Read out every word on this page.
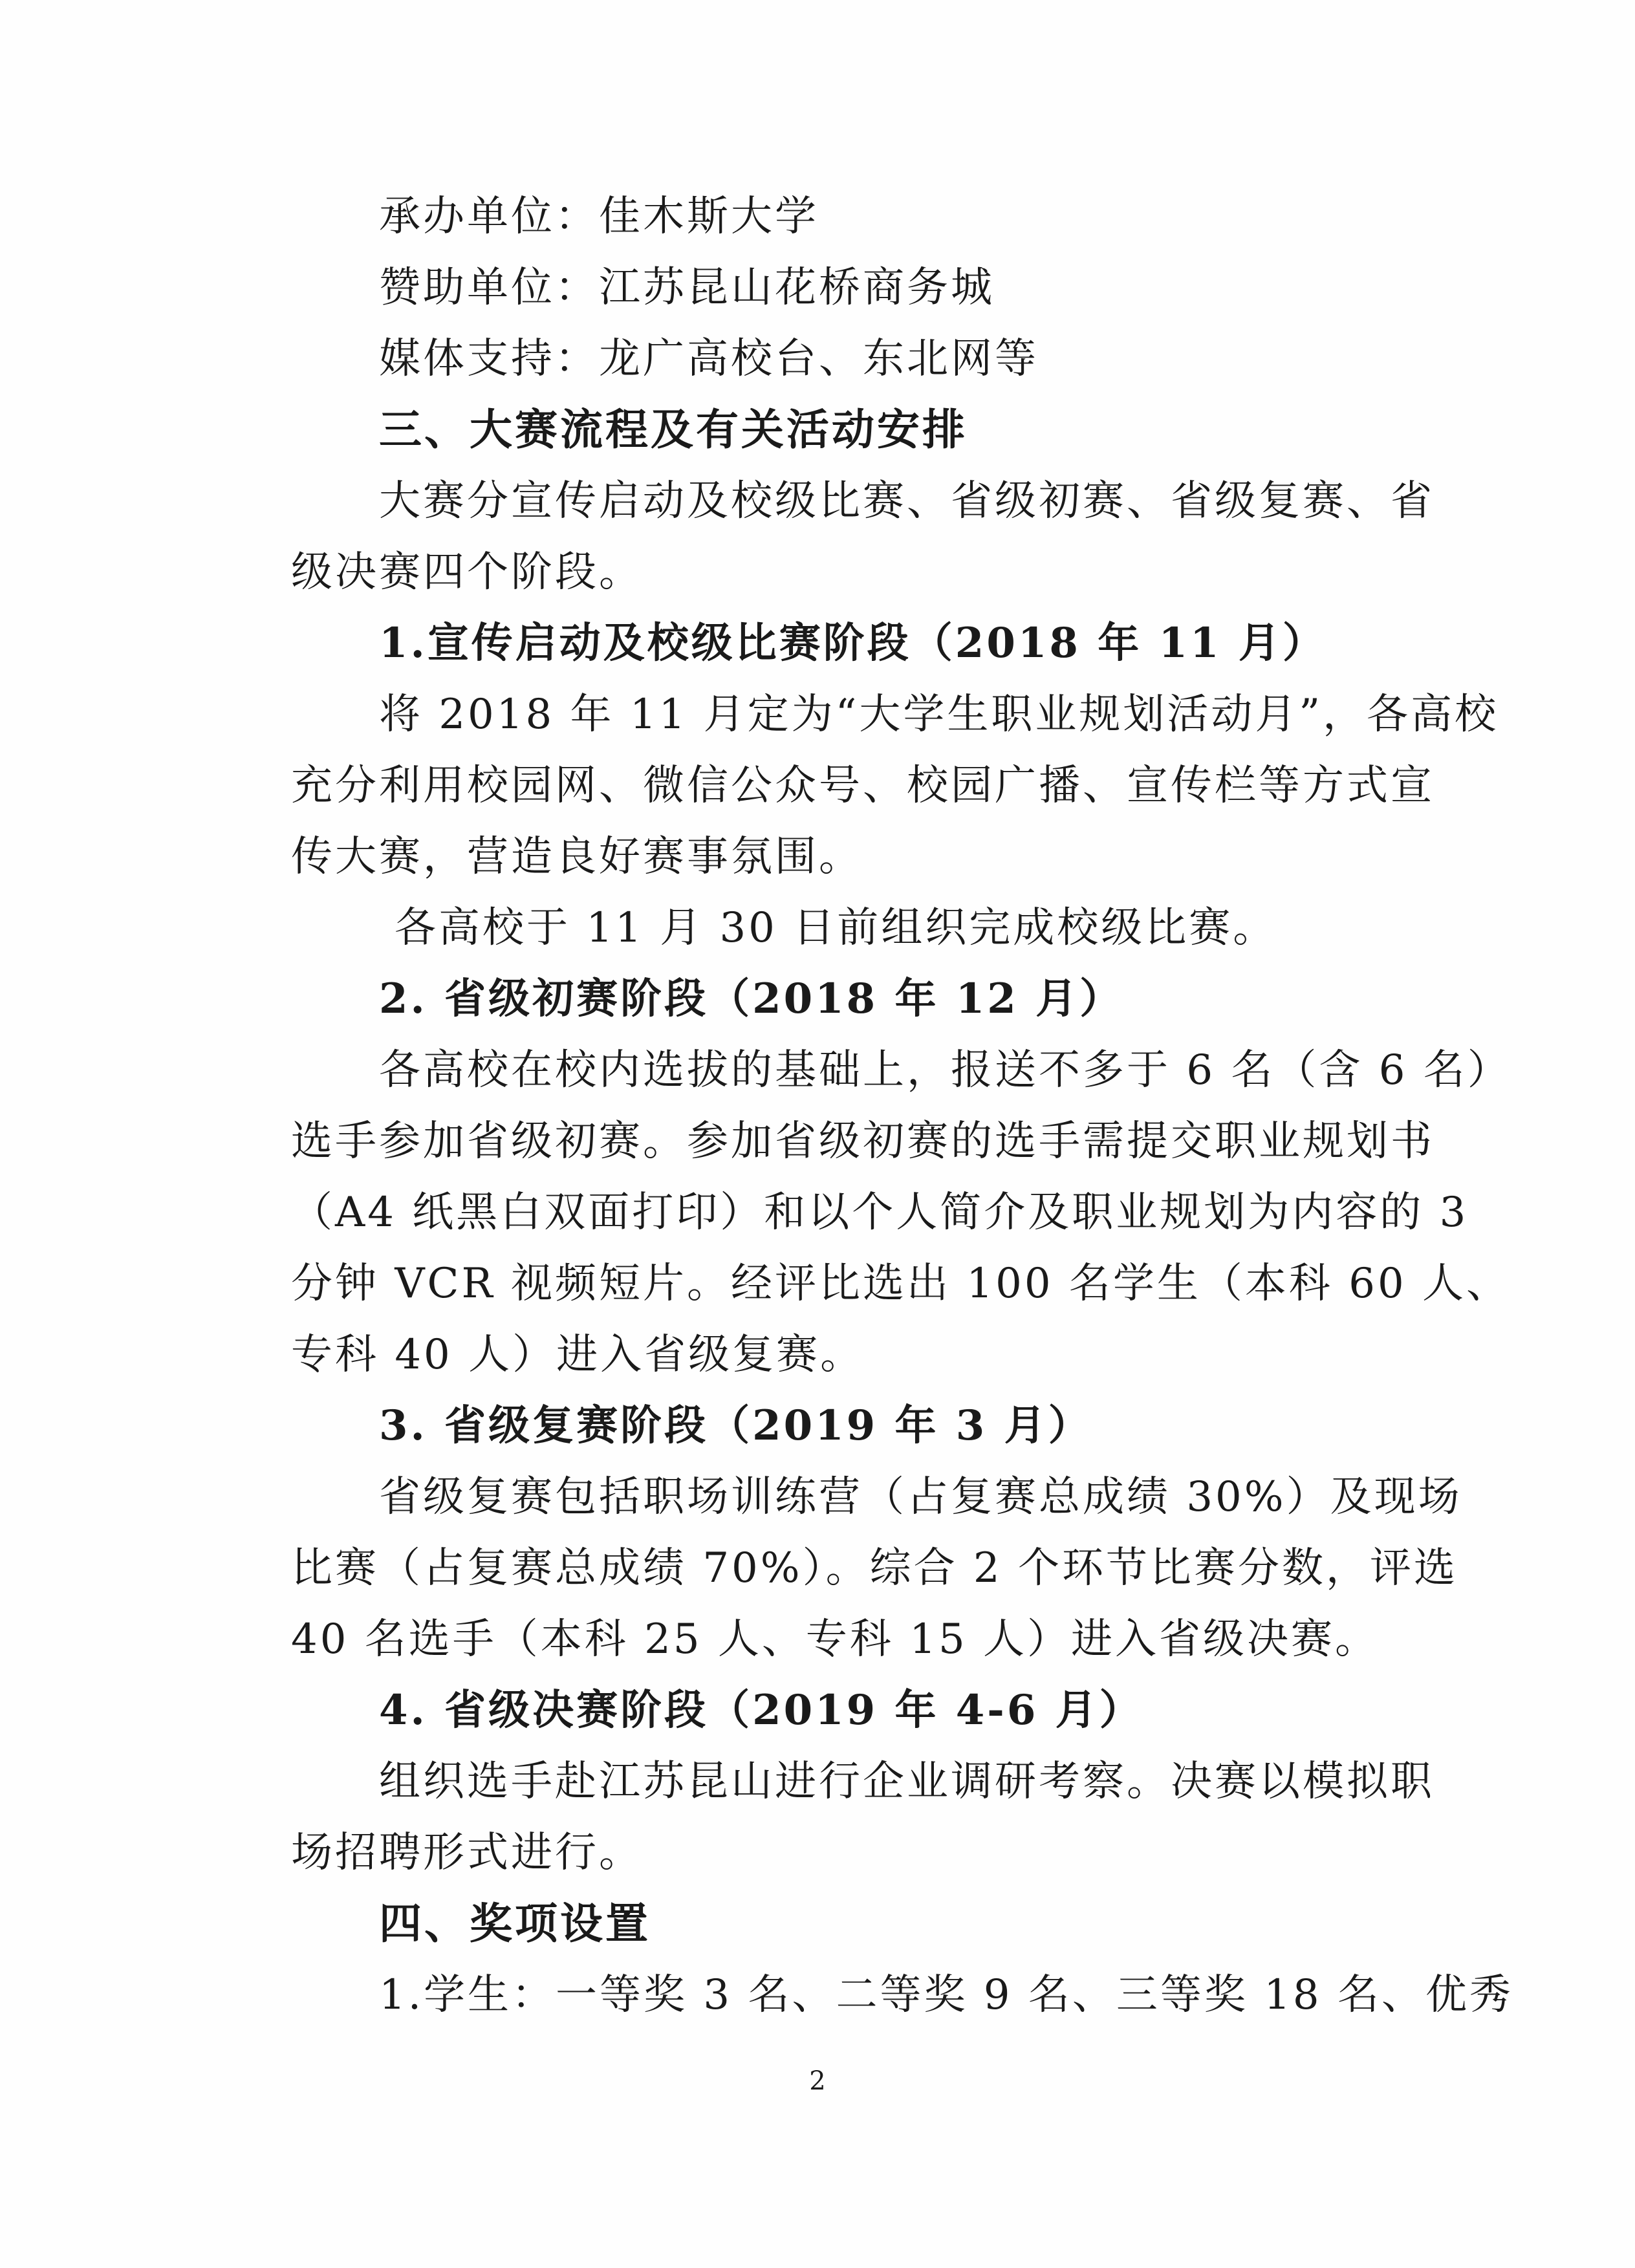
承办单位：佳木斯大学
赞助单位：江苏昆山花桥商务城
媒体支持：龙广高校台、东北网等
三、大赛流程及有关活动安排
大赛分宣传启动及校级比赛、省级初赛、省级复赛、省
级决赛四个阶段。
1.宣传启动及校级比赛阶段（2018 年 11 月）
将 2018 年 11 月定为“大学生职业规划活动月”，各高校
充分利用校园网、微信公众号、校园广播、宣传栏等方式宣
传大赛，营造良好赛事氛围。
各高校于 11 月 30 日前组织完成校级比赛。
2. 省级初赛阶段（2018 年 12 月）
各高校在校内选拔的基础上，报送不多于 6 名（含 6 名）
选手参加省级初赛。参加省级初赛的选手需提交职业规划书
（A4 纸黑白双面打印）和以个人简介及职业规划为内容的 3
分钟 VCR 视频短片。经评比选出 100 名学生（本科 60 人、
专科 40 人）进入省级复赛。
3. 省级复赛阶段（2019 年 3 月）
省级复赛包括职场训练营（占复赛总成绩 30%）及现场
比赛（占复赛总成绩 70%）。综合 2 个环节比赛分数，评选
40 名选手（本科 25 人、专科 15 人）进入省级决赛。
4. 省级决赛阶段（2019 年 4-6 月）
组织选手赴江苏昆山进行企业调研考察。决赛以模拟职
场招聘形式进行。
四、奖项设置
1.学生：一等奖 3 名、二等奖 9 名、三等奖 18 名、优秀
2
